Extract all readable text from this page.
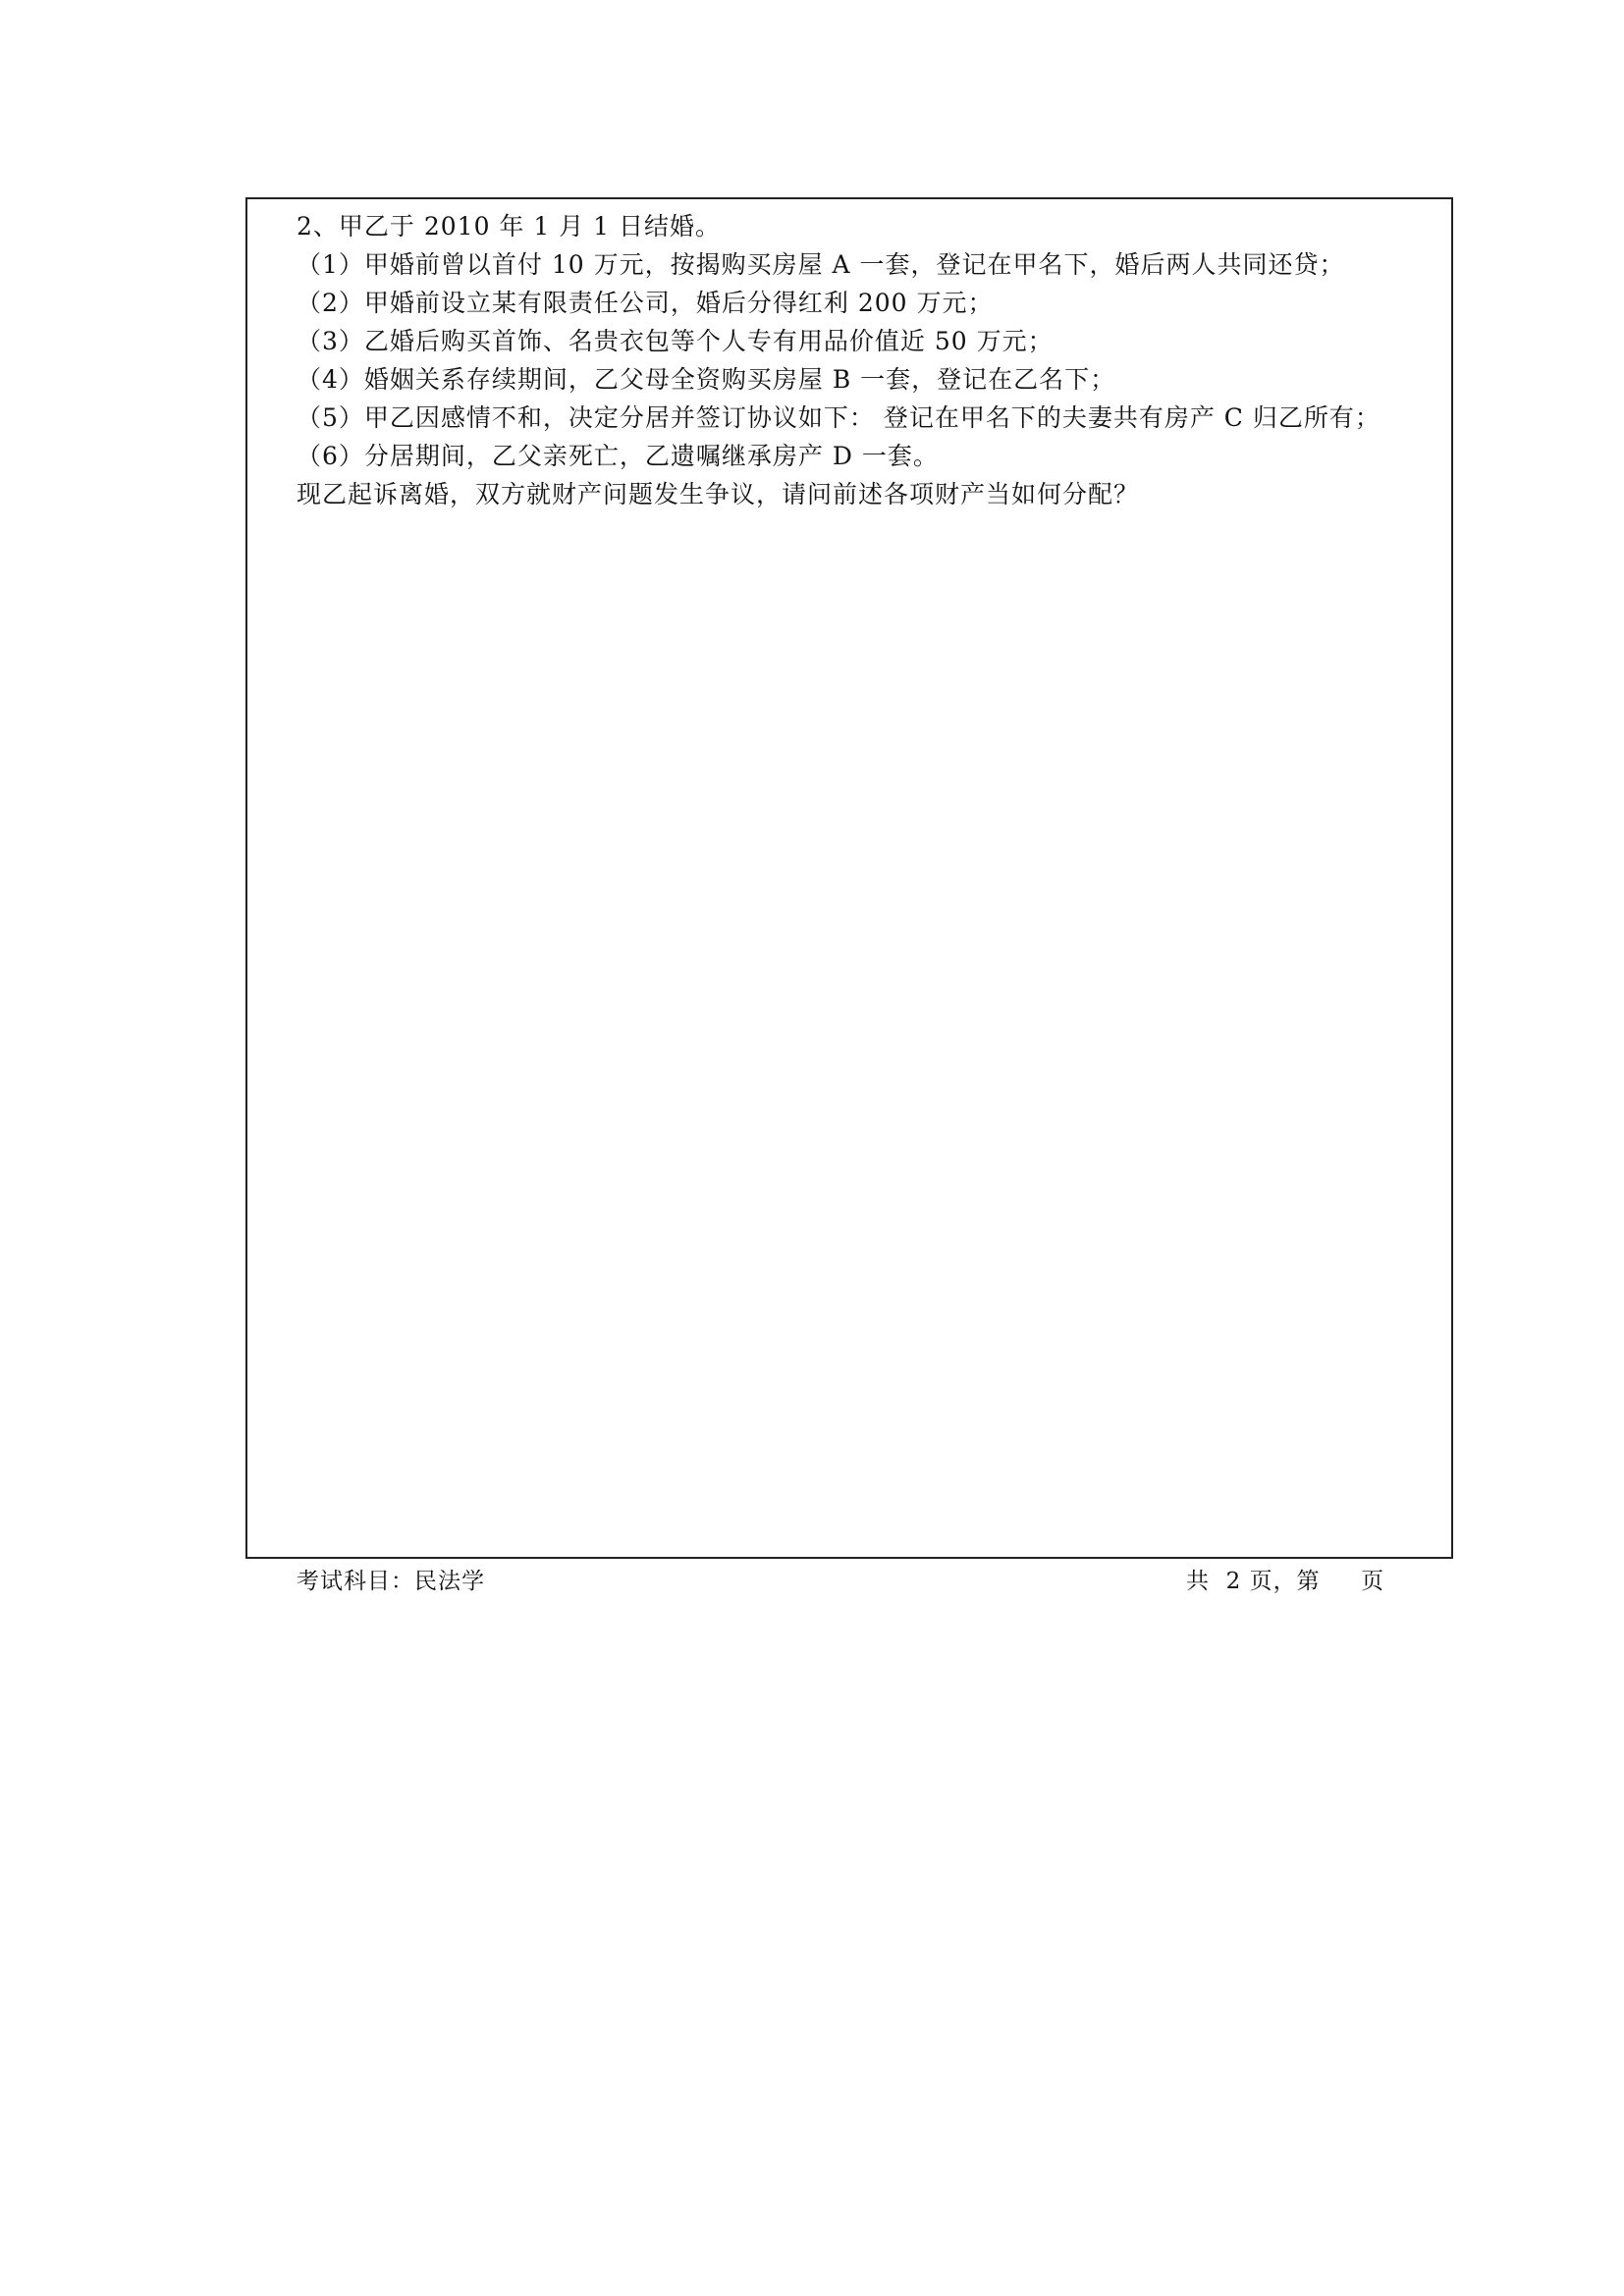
2、甲乙于 2010 年 1 月 1 日结婚。

（1）甲婚前曾以首付 10 万元，按揭购买房屋 A 一套，登记在甲名下，婚后两人共同还贷；

（2）甲婚前设立某有限责任公司，婚后分得红利 200 万元；

（3）乙婚后购买首饰、名贵衣包等个人专有用品价值近 50 万元；

（4）婚姻关系存续期间，乙父母全资购买房屋 B 一套，登记在乙名下；

（5）甲乙因感情不和，决定分居并签订协议如下： 登记在甲名下的夫妻共有房产 C 归乙所有；

（6）分居期间，乙父亲死亡，乙遗嘱继承房产 D 一套。

现乙起诉离婚，双方就财产问题发生争议，请问前述各项财产当如何分配？

考试科目：民法学	共  2 页，第     页
